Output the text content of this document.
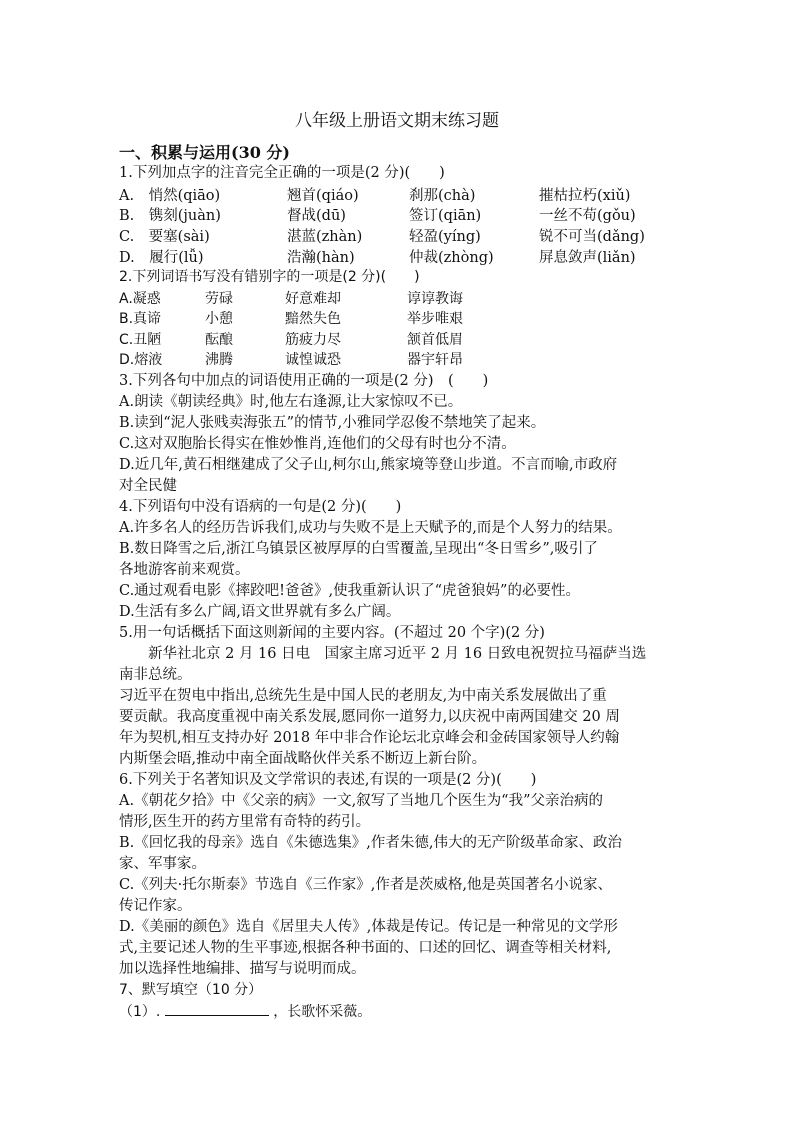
八年级上册语文期末练习题
一、积累与运用(30 分)
1.下列加点字的注音完全正确的一项是(2 分)(　　)
A.　悄然(qiāo)	翘首(qiáo)	刹那(chà)	摧枯拉朽(xiǔ)
B.　镌刻(juàn)	督战(dū)	签订(qiān)	一丝不苟(gǒu)
C.　要塞(sài)	湛蓝(zhàn)	轻盈(yíng)	锐不可当(dǎng)
D.　履行(lǚ)	浩瀚(hàn)	仲裁(zhòng)	屏息敛声(liǎn)
2.下列词语书写没有错别字的一项是(2 分)(　　)
A.凝惑	劳碌	好意难却	谆谆教诲
B.真谛	小憩	黯然失色	举步唯艰
C.丑陋	酝酿	筋疲力尽	颔首低眉
D.熔液	沸腾	诚惶诚恐	器宇轩昂
3.下列各句中加点的词语使用正确的一项是(2 分)　(　　)
A.朗读《朝读经典》时,他左右逢源,让大家惊叹不已。
B.读到“泥人张贱卖海张五”的情节,小雅同学忍俊不禁地笑了起来。
C.这对双胞胎长得实在惟妙惟肖,连他们的父母有时也分不清。
D.近几年,黄石相继建成了父子山,柯尔山,熊家境等登山步道。不言而喻,市政府
对全民健
4.下列语句中没有语病的一句是(2 分)(　　)
A.许多名人的经历告诉我们,成功与失败不是上天赋予的,而是个人努力的结果。
B.数日降雪之后,浙江乌镇景区被厚厚的白雪覆盖,呈现出“冬日雪乡”,吸引了
各地游客前来观赏。
C.通过观看电影《摔跤吧!爸爸》,使我重新认识了“虎爸狼妈”的必要性。
D.生活有多么广阔,语文世界就有多么广阔。
5.用一句话概括下面这则新闻的主要内容。(不超过 20 个字)(2 分)
　　新华社北京 2 月 16 日电　国家主席习近平 2 月 16 日致电祝贺拉马福萨当选
南非总统。
习近平在贺电中指出,总统先生是中国人民的老朋友,为中南关系发展做出了重
要贡献。我高度重视中南关系发展,愿同你一道努力,以庆祝中南两国建交 20 周
年为契机,相互支持办好 2018 年中非合作论坛北京峰会和金砖国家领导人约翰
内斯堡会晤,推动中南全面战略伙伴关系不断迈上新台阶。
6.下列关于名著知识及文学常识的表述,有误的一项是(2 分)(　　)
A.《朝花夕拾》中《父亲的病》一文,叙写了当地几个医生为“我”父亲治病的
情形,医生开的药方里常有奇特的药引。
B.《回忆我的母亲》选自《朱德选集》,作者朱德,伟大的无产阶级革命家、政治
家、军事家。
C.《列夫·托尔斯泰》节选自《三作家》,作者是茨威格,他是英国著名小说家、
传记作家。
D.《美丽的颜色》选自《居里夫人传》,体裁是传记。传记是一种常见的文学形
式,主要记述人物的生平事迹,根据各种书面的、口述的回忆、调查等相关材料,
加以选择性地编排、描写与说明而成。
7、默写填空（10 分）
（1）.	，长歌怀采薇。
